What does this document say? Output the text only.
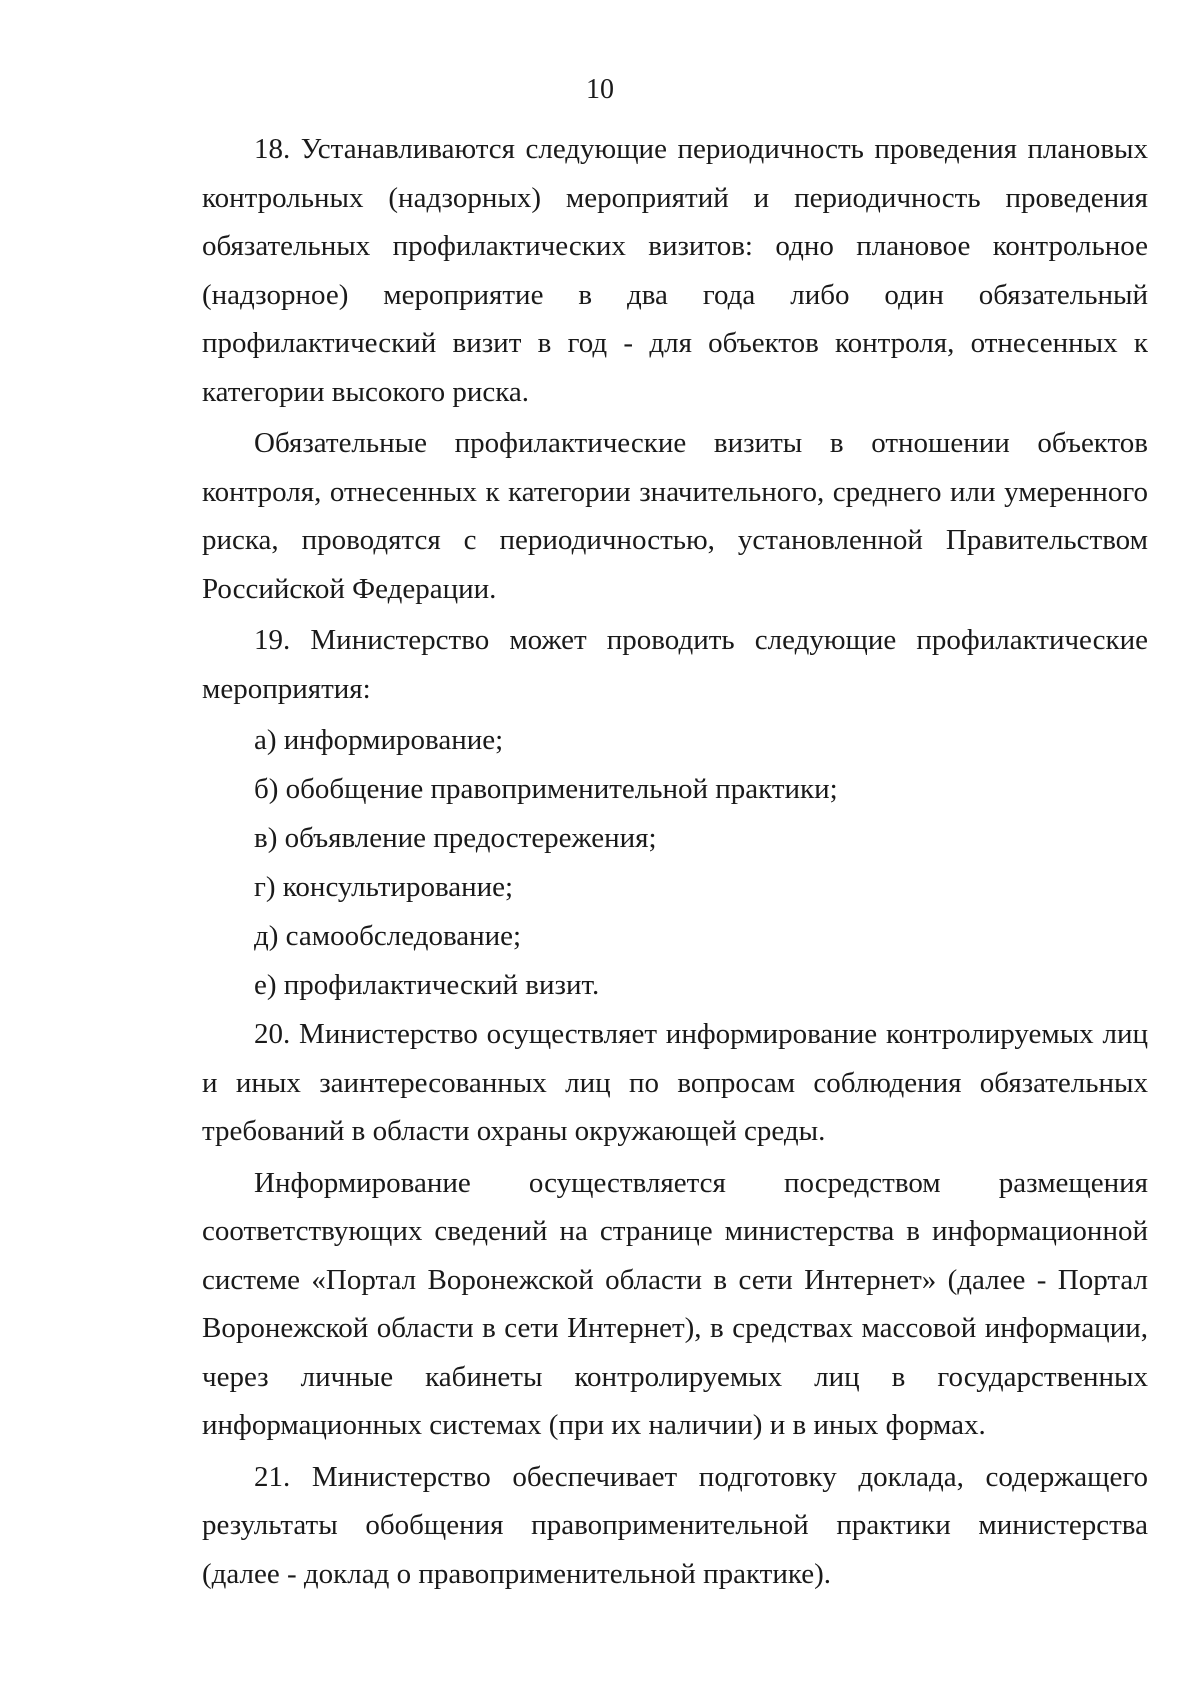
10

18. Устанавливаются следующие периодичность проведения плановых контрольных (надзорных) мероприятий и периодичность проведения обязательных профилактических визитов: одно плановое контрольное (надзорное) мероприятие в два года либо один обязательный профилактический визит в год - для объектов контроля, отнесенных к категории высокого риска.

Обязательные профилактические визиты в отношении объектов контроля, отнесенных к категории значительного, среднего или умеренного риска, проводятся с периодичностью, установленной Правительством Российской Федерации.

19. Министерство может проводить следующие профилактические мероприятия:

а) информирование;
б) обобщение правоприменительной практики;
в) объявление предостережения;
г) консультирование;
д) самообследование;
е) профилактический визит.

20. Министерство осуществляет информирование контролируемых лиц и иных заинтересованных лиц по вопросам соблюдения обязательных требований в области охраны окружающей среды.

Информирование осуществляется посредством размещения соответствующих сведений на странице министерства в информационной системе «Портал Воронежской области в сети Интернет» (далее - Портал Воронежской области в сети Интернет), в средствах массовой информации, через личные кабинеты контролируемых лиц в государственных информационных системах (при их наличии) и в иных формах.

21. Министерство обеспечивает подготовку доклада, содержащего результаты обобщения правоприменительной практики министерства (далее - доклад о правоприменительной практике).
